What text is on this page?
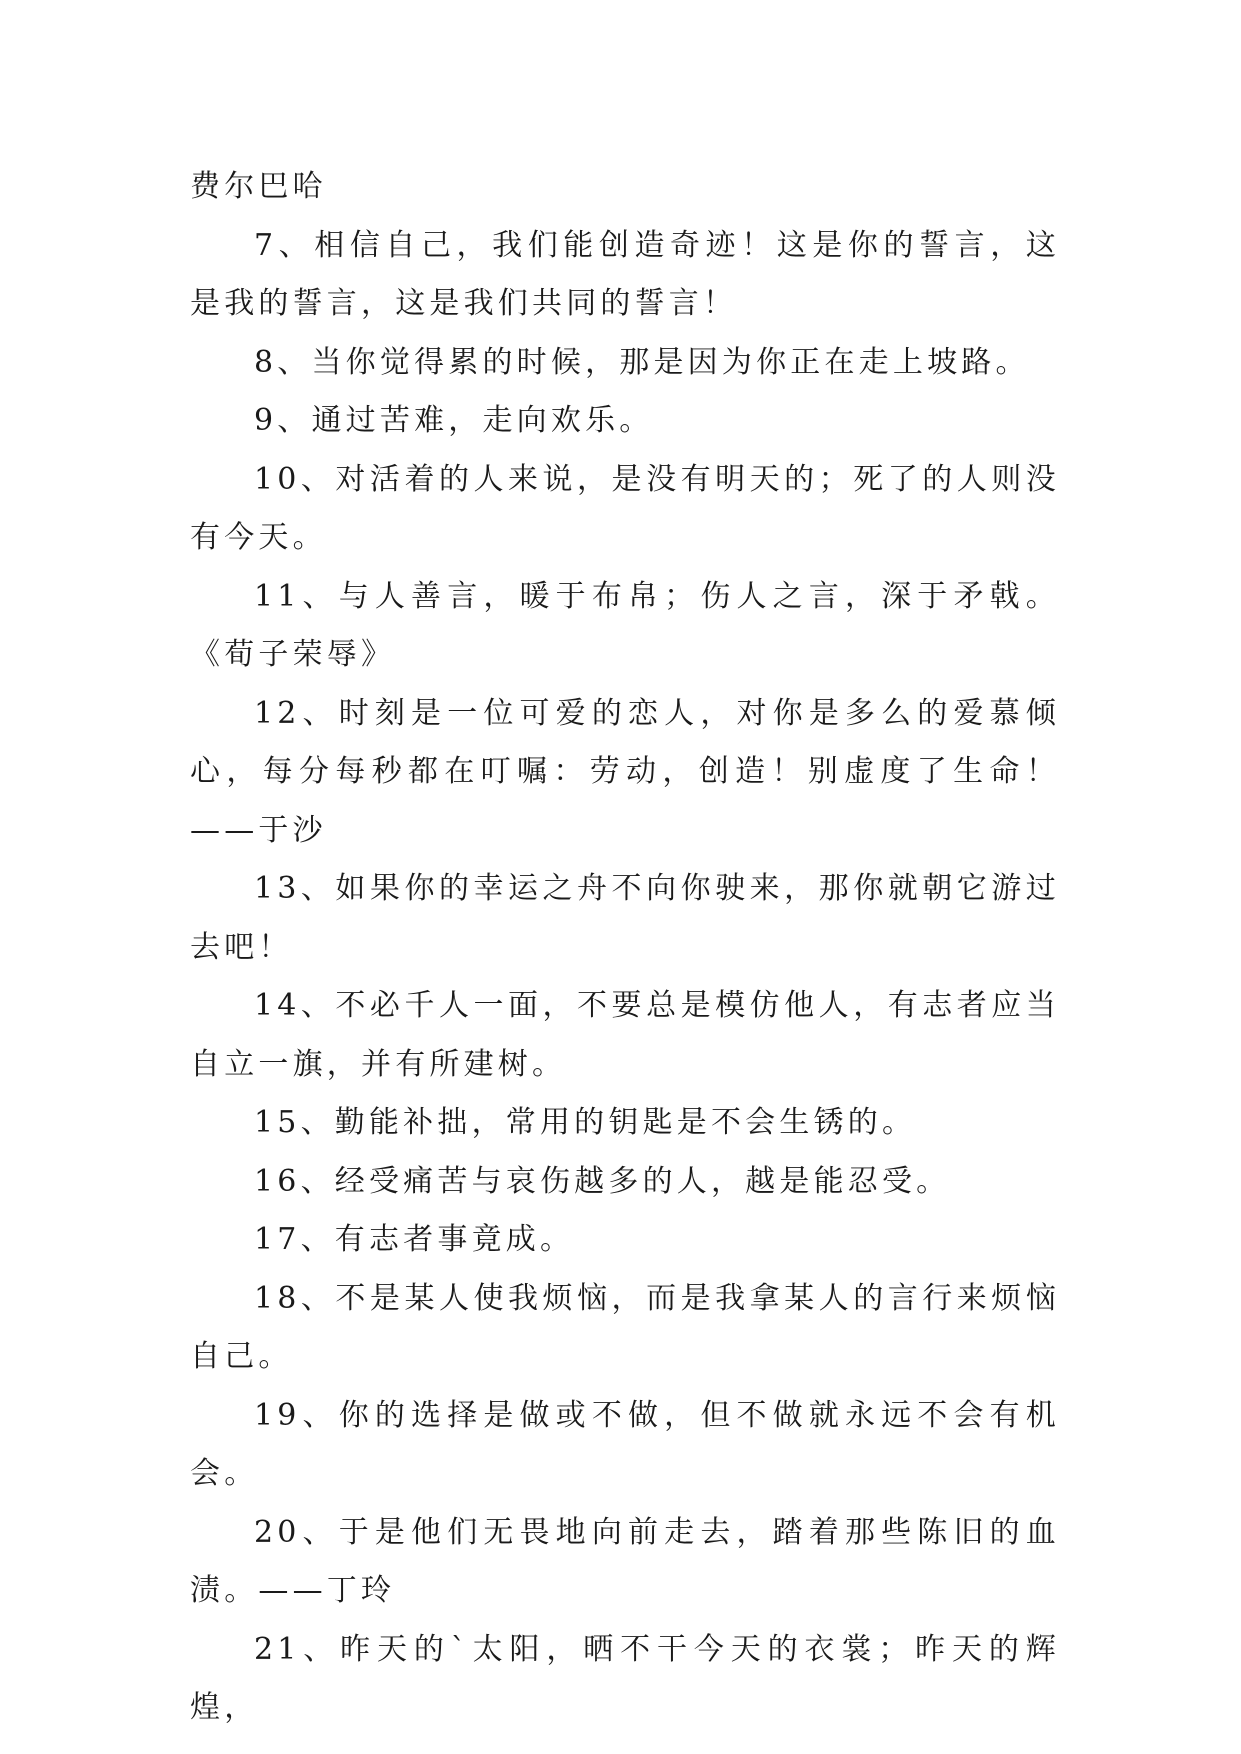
费尔巴哈

7、相信自己，我们能创造奇迹！这是你的誓言，这是我的誓言，这是我们共同的誓言！

8、当你觉得累的时候，那是因为你正在走上坡路。

9、通过苦难，走向欢乐。

10、对活着的人来说，是没有明天的；死了的人则没有今天。

11、与人善言，暖于布帛；伤人之言，深于矛戟。《荀子荣辱》

12、时刻是一位可爱的恋人，对你是多么的爱慕倾心，每分每秒都在叮嘱：劳动，创造！别虚度了生命！——于沙

13、如果你的幸运之舟不向你驶来，那你就朝它游过去吧！

14、不必千人一面，不要总是模仿他人，有志者应当自立一旗，并有所建树。

15、勤能补拙，常用的钥匙是不会生锈的。

16、经受痛苦与哀伤越多的人，越是能忍受。

17、有志者事竟成。

18、不是某人使我烦恼，而是我拿某人的言行来烦恼自己。

19、你的选择是做或不做，但不做就永远不会有机会。

20、于是他们无畏地向前走去，踏着那些陈旧的血渍。——丁玲

21、昨天的`太阳，晒不干今天的衣裳；昨天的辉煌，
